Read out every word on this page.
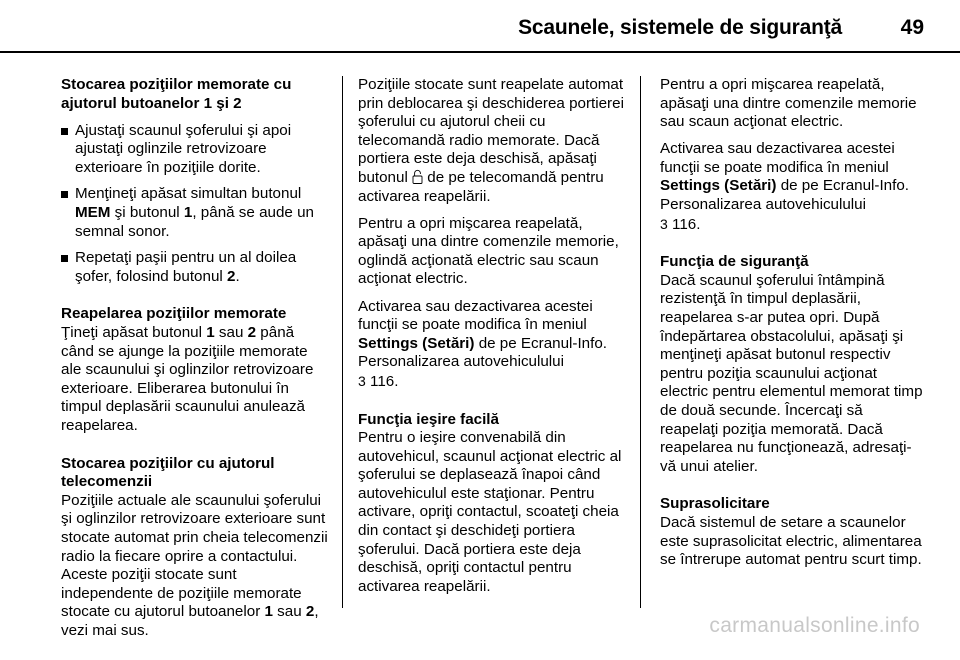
Scaunele, sistemele de siguranţă	49

Stocarea poziţiilor memorate cu ajutorul butoanelor 1 şi 2

Ajustaţi scaunul şoferului şi apoi ajustaţi oglinzile retrovizoare exterioare în poziţiile dorite.
Menţineţi apăsat simultan butonul MEM şi butonul 1, până se aude un semnal sonor.
Repetaţi paşii pentru un al doilea şofer, folosind butonul 2.

Reapelarea poziţiilor memorate

Ţineţi apăsat butonul 1 sau 2 până când se ajunge la poziţiile memorate ale scaunului şi oglinzilor retrovizoare exterioare. Eliberarea butonului în timpul deplasării scaunului anulează reapelarea.

Stocarea poziţiilor cu ajutorul telecomenzii

Poziţiile actuale ale scaunului şoferului şi oglinzilor retrovizoare exterioare sunt stocate automat prin cheia telecomenzii radio la fiecare oprire a contactului. Aceste poziţii stocate sunt independente de poziţiile memorate stocate cu ajutorul butoanelor 1 sau 2, vezi mai sus.

Poziţiile stocate sunt reapelate automat prin deblocarea şi deschiderea portierei şoferului cu ajutorul cheii cu telecomandă radio memorate. Dacă portiera este deja deschisă, apăsaţi butonul  de pe telecomandă pentru activarea reapelării.

Pentru a opri mişcarea reapelată, apăsaţi una dintre comenzile memorie, oglindă acţionată electric sau scaun acţionat electric.

Activarea sau dezactivarea acestei funcţii se poate modifica în meniul Settings (Setări) de pe Ecranul-Info. Personalizarea autovehiculului
3 116.

Funcţia ieşire facilă

Pentru o ieşire convenabilă din autovehicul, scaunul acţionat electric al şoferului se deplasează înapoi când autovehiculul este staţionar. Pentru activare, opriţi contactul, scoateţi cheia din contact şi deschideţi portiera şoferului. Dacă portiera este deja deschisă, opriţi contactul pentru activarea reapelării.

Pentru a opri mişcarea reapelată, apăsaţi una dintre comenzile memorie sau scaun acţionat electric.

Activarea sau dezactivarea acestei funcţii se poate modifica în meniul Settings (Setări) de pe Ecranul-Info. Personalizarea autovehiculului
3 116.

Funcţia de siguranţă

Dacă scaunul şoferului întâmpină rezistenţă în timpul deplasării, reapelarea s-ar putea opri. După îndepărtarea obstacolului, apăsaţi şi menţineţi apăsat butonul respectiv pentru poziţia scaunului acţionat electric pentru elementul memorat timp de două secunde. Încercaţi să reapelaţi poziţia memorată. Dacă reapelarea nu funcţionează, adresaţi-vă unui atelier.

Suprasolicitare

Dacă sistemul de setare a scaunelor este suprasolicitat electric, alimentarea se întrerupe automat pentru scurt timp.

carmanualsonline.info
